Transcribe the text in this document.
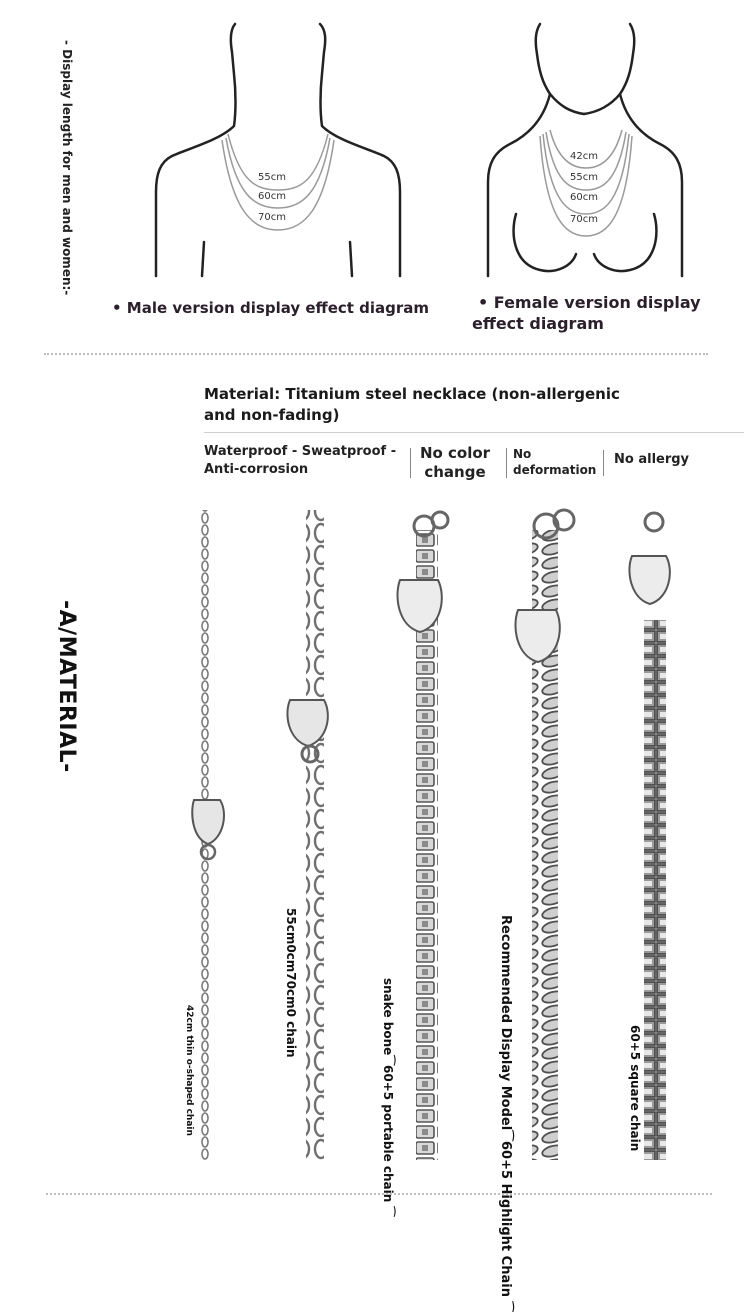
- Display length for men and women:-	55cm
60cm
70cm
• Male version display effect diagram
42cm
55cm
60cm
70cm
• Female version display
effect diagram
-A/MATERIAL-
Material: Titanium steel necklace (non-allergenic
and non-fading)
Waterproof - Sweatproof -
Anti-corrosion
No color
change
No
deformation
No allergy
42cm thin o-shaped chain
55cm0cm70cm0 chain
60+5 portable chain ⁀
snake bone⁀
60+5 Highlight Chain ⁀
Recommended Display Model⁀	60+5 square chain
